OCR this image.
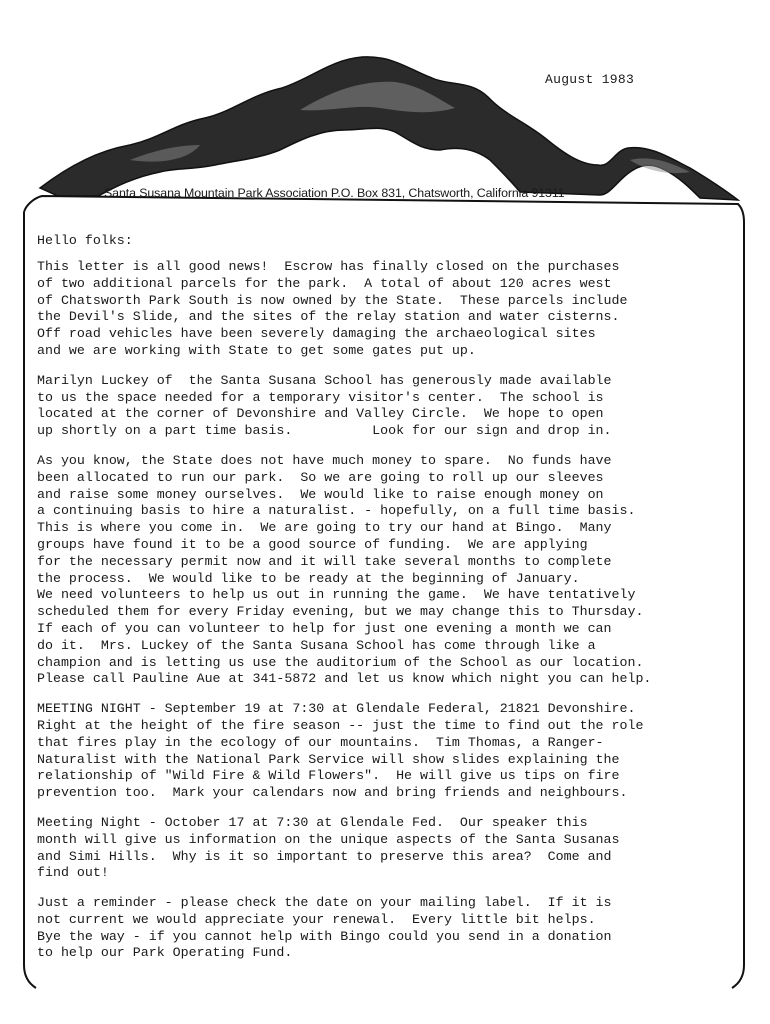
August 1983
Santa Susana Mountain Park Association P.O. Box 831, Chatsworth, California 91311
Hello folks:
This letter is all good news!  Escrow has finally closed on the purchases
of two additional parcels for the park.  A total of about 120 acres west
of Chatsworth Park South is now owned by the State.  These parcels include
the Devil's Slide, and the sites of the relay station and water cisterns.
Off road vehicles have been severely damaging the archaeological sites
and we are working with State to get some gates put up.
Marilyn Luckey of  the Santa Susana School has generously made available
to us the space needed for a temporary visitor's center.  The school is
located at the corner of Devonshire and Valley Circle.  We hope to open
up shortly on a part time basis.          Look for our sign and drop in.
As you know, the State does not have much money to spare.  No funds have
been allocated to run our park.  So we are going to roll up our sleeves
and raise some money ourselves.  We would like to raise enough money on
a continuing basis to hire a naturalist. - hopefully, on a full time basis.
This is where you come in.  We are going to try our hand at Bingo.  Many
groups have found it to be a good source of funding.  We are applying
for the necessary permit now and it will take several months to complete
the process.  We would like to be ready at the beginning of January.
We need volunteers to help us out in running the game.  We have tentatively
scheduled them for every Friday evening, but we may change this to Thursday.
If each of you can volunteer to help for just one evening a month we can
do it.  Mrs. Luckey of the Santa Susana School has come through like a
champion and is letting us use the auditorium of the School as our location.
Please call Pauline Aue at 341-5872 and let us know which night you can help.
MEETING NIGHT - September 19 at 7:30 at Glendale Federal, 21821 Devonshire.
Right at the height of the fire season -- just the time to find out the role
that fires play in the ecology of our mountains.  Tim Thomas, a Ranger-
Naturalist with the National Park Service will show slides explaining the
relationship of "Wild Fire & Wild Flowers".  He will give us tips on fire
prevention too.  Mark your calendars now and bring friends and neighbours.
Meeting Night - October 17 at 7:30 at Glendale Fed.  Our speaker this
month will give us information on the unique aspects of the Santa Susanas
and Simi Hills.  Why is it so important to preserve this area?  Come and
find out!
Just a reminder - please check the date on your mailing label.  If it is
not current we would appreciate your renewal.  Every little bit helps.
Bye the way - if you cannot help with Bingo could you send in a donation
to help our Park Operating Fund.
